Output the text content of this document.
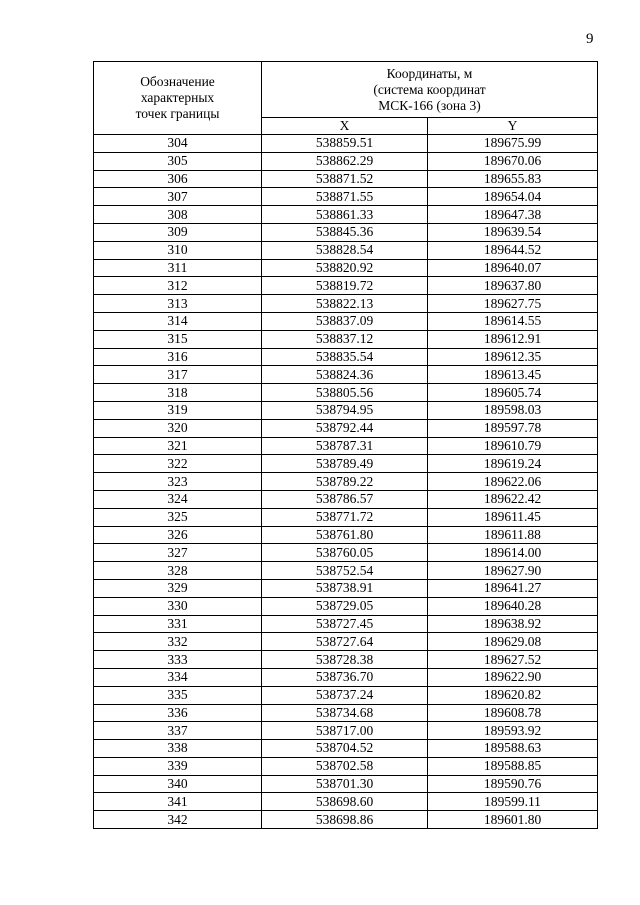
9
Обозначение
характерных
точек границы	Координаты, м
(система координат
МСК-166 (зона 3)	

	X	Y
304	538859.51	189675.99
305	538862.29	189670.06
306	538871.52	189655.83
307	538871.55	189654.04
308	538861.33	189647.38
309	538845.36	189639.54
310	538828.54	189644.52
311	538820.92	189640.07
312	538819.72	189637.80
313	538822.13	189627.75
314	538837.09	189614.55
315	538837.12	189612.91
316	538835.54	189612.35
317	538824.36	189613.45
318	538805.56	189605.74
319	538794.95	189598.03
320	538792.44	189597.78
321	538787.31	189610.79
322	538789.49	189619.24
323	538789.22	189622.06
324	538786.57	189622.42
325	538771.72	189611.45
326	538761.80	189611.88
327	538760.05	189614.00
328	538752.54	189627.90
329	538738.91	189641.27
330	538729.05	189640.28
331	538727.45	189638.92
332	538727.64	189629.08
333	538728.38	189627.52
334	538736.70	189622.90
335	538737.24	189620.82
336	538734.68	189608.78
337	538717.00	189593.92
338	538704.52	189588.63
339	538702.58	189588.85
340	538701.30	189590.76
341	538698.60	189599.11
342	538698.86	189601.80
